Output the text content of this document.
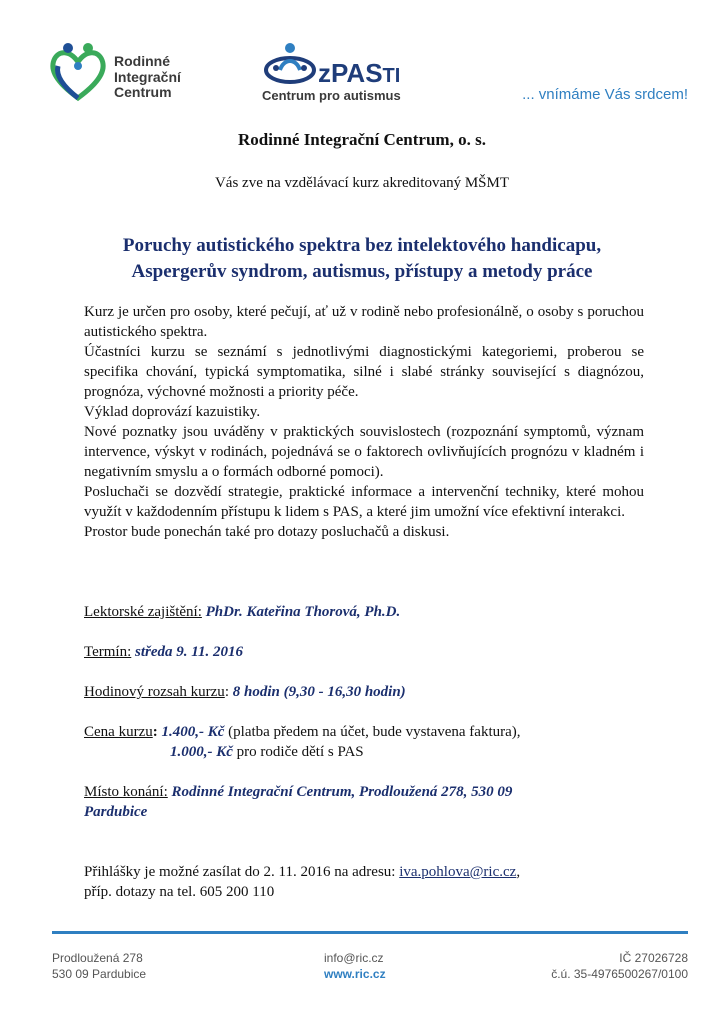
Rodinné
Integrační
Centrum
zPASTI
Centrum pro autismus	... vnímáme Vás srdcem!
Rodinné Integrační Centrum, o. s.
Vás zve na vzdělávací kurz akreditovaný MŠMT
Poruchy autistického spektra bez intelektového handicapu,
Aspergerův syndrom, autismus, přístupy a metody práce

Kurz je určen pro osoby, které pečují, ať už v rodině nebo profesionálně, o osoby s poruchou autistického spektra.

Účastníci kurzu se seznámí s jednotlivými diagnostickými kategoriemi, proberou se specifika chování, typická symptomatika, silné i slabé stránky související s diagnózou, prognóza, výchovné možnosti a priority péče.

Výklad doprovází kazuistiky.

Nové poznatky jsou uváděny v praktických souvislostech (rozpoznání symptomů, význam intervence, výskyt v rodinách, pojednává se o faktorech ovlivňujících prognózu v kladném i negativním smyslu a o formách odborné pomoci).

Posluchači se dozvědí strategie, praktické informace a intervenční techniky, které mohou využít v každodenním přístupu k lidem s PAS, a které jim umožní více efektivní interakci.

Prostor bude ponechán také pro dotazy posluchačů a diskusi.

Lektorské zajištění: PhDr. Kateřina Thorová, Ph.D.
Termín: středa 9. 11. 2016
Hodinový rozsah kurzu: 8 hodin (9,30 - 16,30 hodin)
Cena kurzu: 1.400,- Kč (platba předem na účet, bude vystavena faktura),
1.000,- Kč pro rodiče dětí s PAS
Místo konání: Rodinné Integrační Centrum, Prodloužená 278, 530 09
Pardubice
Přihlášky je možné zasílat do 2. 11. 2016 na adresu: iva.pohlova@ric.cz,
příp. dotazy na tel. 605 200 110
Prodloužená 278
530 09 Pardubice
info@ric.cz
www.ric.cz
IČ 27026728
č.ú. 35-4976500267/0100
